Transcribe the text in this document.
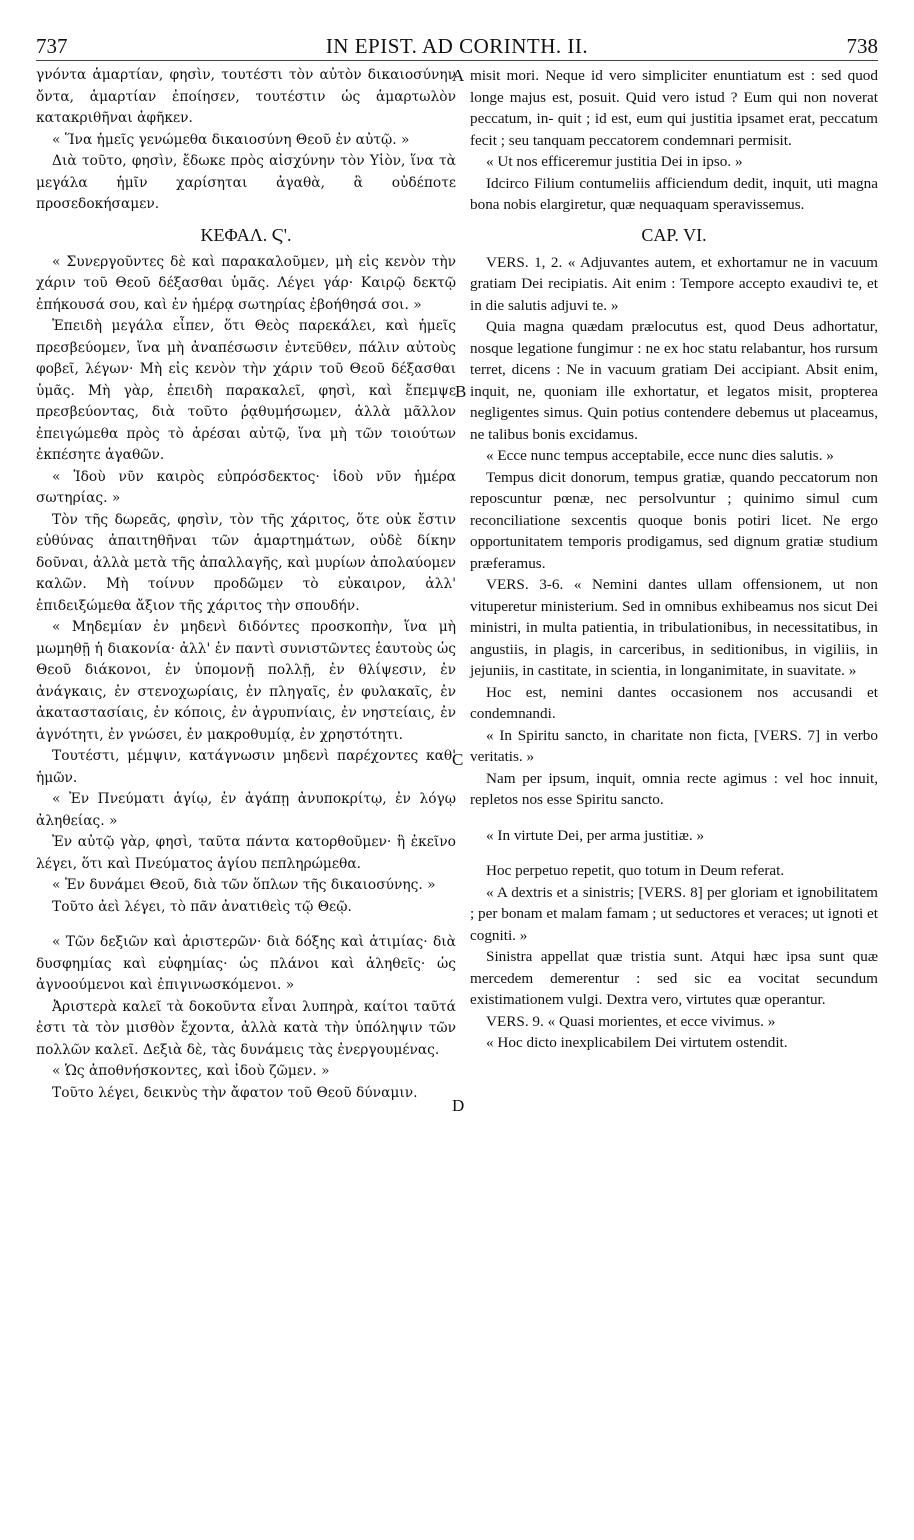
737	IN EPIST. AD CORINTH. II.	738

γνόντα ἁμαρτίαν, φησὶν, τουτέστι τὸν αὐτὸν δικαιοσύνην ὄντα, ἁμαρτίαν ἐποίησεν, τουτέστιν ὡς ἁμαρτωλὸν κατακριθῆναι ἀφῆκεν.

« Ἵνα ἡμεῖς γενώμεθα δικαιοσύνη Θεοῦ ἐν αὐτῷ. »

Διὰ τοῦτο, φησὶν, ἔδωκε πρὸς αἰσχύνην τὸν Υἱὸν, ἵνα τὰ μεγάλα ἡμῖν χαρίσηται ἀγαθὰ, ἃ οὐδέποτε προσεδοκήσαμεν.

ΚΕΦΑΛ. Ϛ'.

« Συνεργοῦντες δὲ καὶ παρακαλοῦμεν, μὴ εἰς κενὸν τὴν χάριν τοῦ Θεοῦ δέξασθαι ὑμᾶς. Λέγει γάρ· Καιρῷ δεκτῷ ἐπήκουσά σου, καὶ ἐν ἡμέρᾳ σωτηρίας ἐβοήθησά σοι. »

Ἐπειδὴ μεγάλα εἶπεν, ὅτι Θεὸς παρεκάλει, καὶ ἡμεῖς πρεσβεύομεν, ἵνα μὴ ἀναπέσωσιν ἐντεῦθεν, πάλιν αὐτοὺς φοβεῖ, λέγων· Μὴ εἰς κενὸν τὴν χάριν τοῦ Θεοῦ δέξασθαι ὑμᾶς. Μὴ γὰρ, ἐπειδὴ παρακαλεῖ, φησὶ, καὶ ἔπεμψε πρεσβεύοντας, διὰ τοῦτο ῥᾳθυμήσωμεν, ἀλλὰ μᾶλλον ἐπειγώμεθα πρὸς τὸ ἀρέσαι αὐτῷ, ἵνα μὴ τῶν τοιούτων ἐκπέσητε ἀγαθῶν.

« Ἰδοὺ νῦν καιρὸς εὐπρόσδεκτος· ἰδοὺ νῦν ἡμέρα σωτηρίας. »

Τὸν τῆς δωρεᾶς, φησὶν, τὸν τῆς χάριτος, ὅτε οὐκ ἔστιν εὐθύνας ἀπαιτηθῆναι τῶν ἁμαρτημάτων, οὐδὲ δίκην δοῦναι, ἀλλὰ μετὰ τῆς ἀπαλλαγῆς, καὶ μυρίων ἀπολαύομεν καλῶν. Μὴ τοίνυν προδῶμεν τὸ εὐκαιρον, ἀλλ' ἐπιδειξώμεθα ἄξιον τῆς χάριτος τὴν σπουδήν.

« Μηδεμίαν ἐν μηδενὶ διδόντες προσκοπὴν, ἵνα μὴ μωμηθῇ ἡ διακονία· ἀλλ' ἐν παντὶ συνιστῶντες ἑαυτοὺς ὡς Θεοῦ διάκονοι, ἐν ὑπομονῇ πολλῇ, ἐν θλίψεσιν, ἐν ἀνάγκαις, ἐν στενοχωρίαις, ἐν πληγαῖς, ἐν φυλακαῖς, ἐν ἀκαταστασίαις, ἐν κόποις, ἐν ἀγρυπνίαις, ἐν νηστείαις, ἐν ἁγνότητι, ἐν γνώσει, ἐν μακροθυμίᾳ, ἐν χρηστότητι.

Τουτέστι, μέμψιν, κατάγνωσιν μηδενὶ παρέχοντες καθ' ἡμῶν.

« Ἐν Πνεύματι ἁγίῳ, ἐν ἀγάπῃ ἀνυποκρίτῳ, ἐν λόγῳ ἀληθείας. »

Ἐν αὐτῷ γὰρ, φησὶ, ταῦτα πάντα κατορθοῦμεν· ἢ ἐκεῖνο λέγει, ὅτι καὶ Πνεύματος ἁγίου πεπληρώμεθα.

« Ἐν δυνάμει Θεοῦ, διὰ τῶν ὅπλων τῆς δικαιοσύνης. »

Τοῦτο ἀεὶ λέγει, τὸ πᾶν ἀνατιθεὶς τῷ Θεῷ.

« Τῶν δεξιῶν καὶ ἀριστερῶν· διὰ δόξης καὶ ἀτιμίας· διὰ δυσφημίας καὶ εὐφημίας· ὡς πλάνοι καὶ ἀληθεῖς· ὡς ἀγνοούμενοι καὶ ἐπιγινωσκόμενοι. »

Ἀριστερὰ καλεῖ τὰ δοκοῦντα εἶναι λυπηρὰ, καίτοι ταῦτά ἐστι τὰ τὸν μισθὸν ἔχοντα, ἀλλὰ κατὰ τὴν ὑπόληψιν τῶν πολλῶν καλεῖ. Δεξιὰ δὲ, τὰς δυνάμεις τὰς ἐνεργουμένας.

« Ὡς ἀποθνήσκοντες, καὶ ἰδοὺ ζῶμεν. »

Τοῦτο λέγει, δεικνὺς τὴν ἄφατον τοῦ Θεοῦ δύναμιν.

misit mori. Neque id vero simpliciter enuntiatum est : sed quod longe majus est, posuit. Quid vero istud ? Eum qui non noverat peccatum, in- quit ; id est, eum qui justitia ipsamet erat, peccatum fecit ; seu tanquam peccatorem condemnari permisit.

« Ut nos efficeremur justitia Dei in ipso. »

Idcirco Filium contumeliis afficiendum dedit, inquit, uti magna bona nobis elargiretur, quæ nequaquam speravissemus.

CAP. VI.

VERS. 1, 2. « Adjuvantes autem, et exhortamur ne in vacuum gratiam Dei recipiatis. Ait enim : Tempore accepto exaudivi te, et in die salutis adjuvi te. »

Quia magna quædam prælocutus est, quod Deus adhortatur, nosque legatione fungimur : ne ex hoc statu relabantur, hos rursum terret, dicens : Ne in vacuum gratiam Dei accipiant. Absit enim, inquit, ne, quoniam ille exhortatur, et legatos misit, propterea negligentes simus. Quin potius contendere debemus ut placeamus, ne talibus bonis excidamus.

« Ecce nunc tempus acceptabile, ecce nunc dies salutis. »

Tempus dicit donorum, tempus gratiæ, quando peccatorum non reposcuntur pœnæ, nec persolvuntur ; quinimo simul cum reconciliatione sexcentis quoque bonis potiri licet. Ne ergo opportunitatem temporis prodigamus, sed dignum gratiæ studium præferamus.

VERS. 3-6. « Nemini dantes ullam offensionem, ut non vituperetur ministerium. Sed in omnibus exhibeamus nos sicut Dei ministri, in multa patientia, in tribulationibus, in necessitatibus, in angustiis, in plagis, in carceribus, in seditionibus, in vigiliis, in jejuniis, in castitate, in scientia, in longanimitate, in suavitate. »

Hoc est, nemini dantes occasionem nos accusandi et condemnandi.

« In Spiritu sancto, in charitate non ficta, [VERS. 7] in verbo veritatis. »

Nam per ipsum, inquit, omnia recte agimus : vel hoc innuit, repletos nos esse Spiritu sancto.

« In virtute Dei, per arma justitiæ. »

Hoc perpetuo repetit, quo totum in Deum referat.

« A dextris et a sinistris; [VERS. 8] per gloriam et ignobilitatem ; per bonam et malam famam ; ut seductores et veraces; ut ignoti et cogniti. »

Sinistra appellat quæ tristia sunt. Atqui hæc ipsa sunt quæ mercedem demerentur : sed sic ea vocitat secundum existimationem vulgi. Dextra vero, virtutes quæ operantur.

VERS. 9. « Quasi morientes, et ecce vivimus. »

« Hoc dicto inexplicabilem Dei virtutem ostendit.

A
B
C
D
